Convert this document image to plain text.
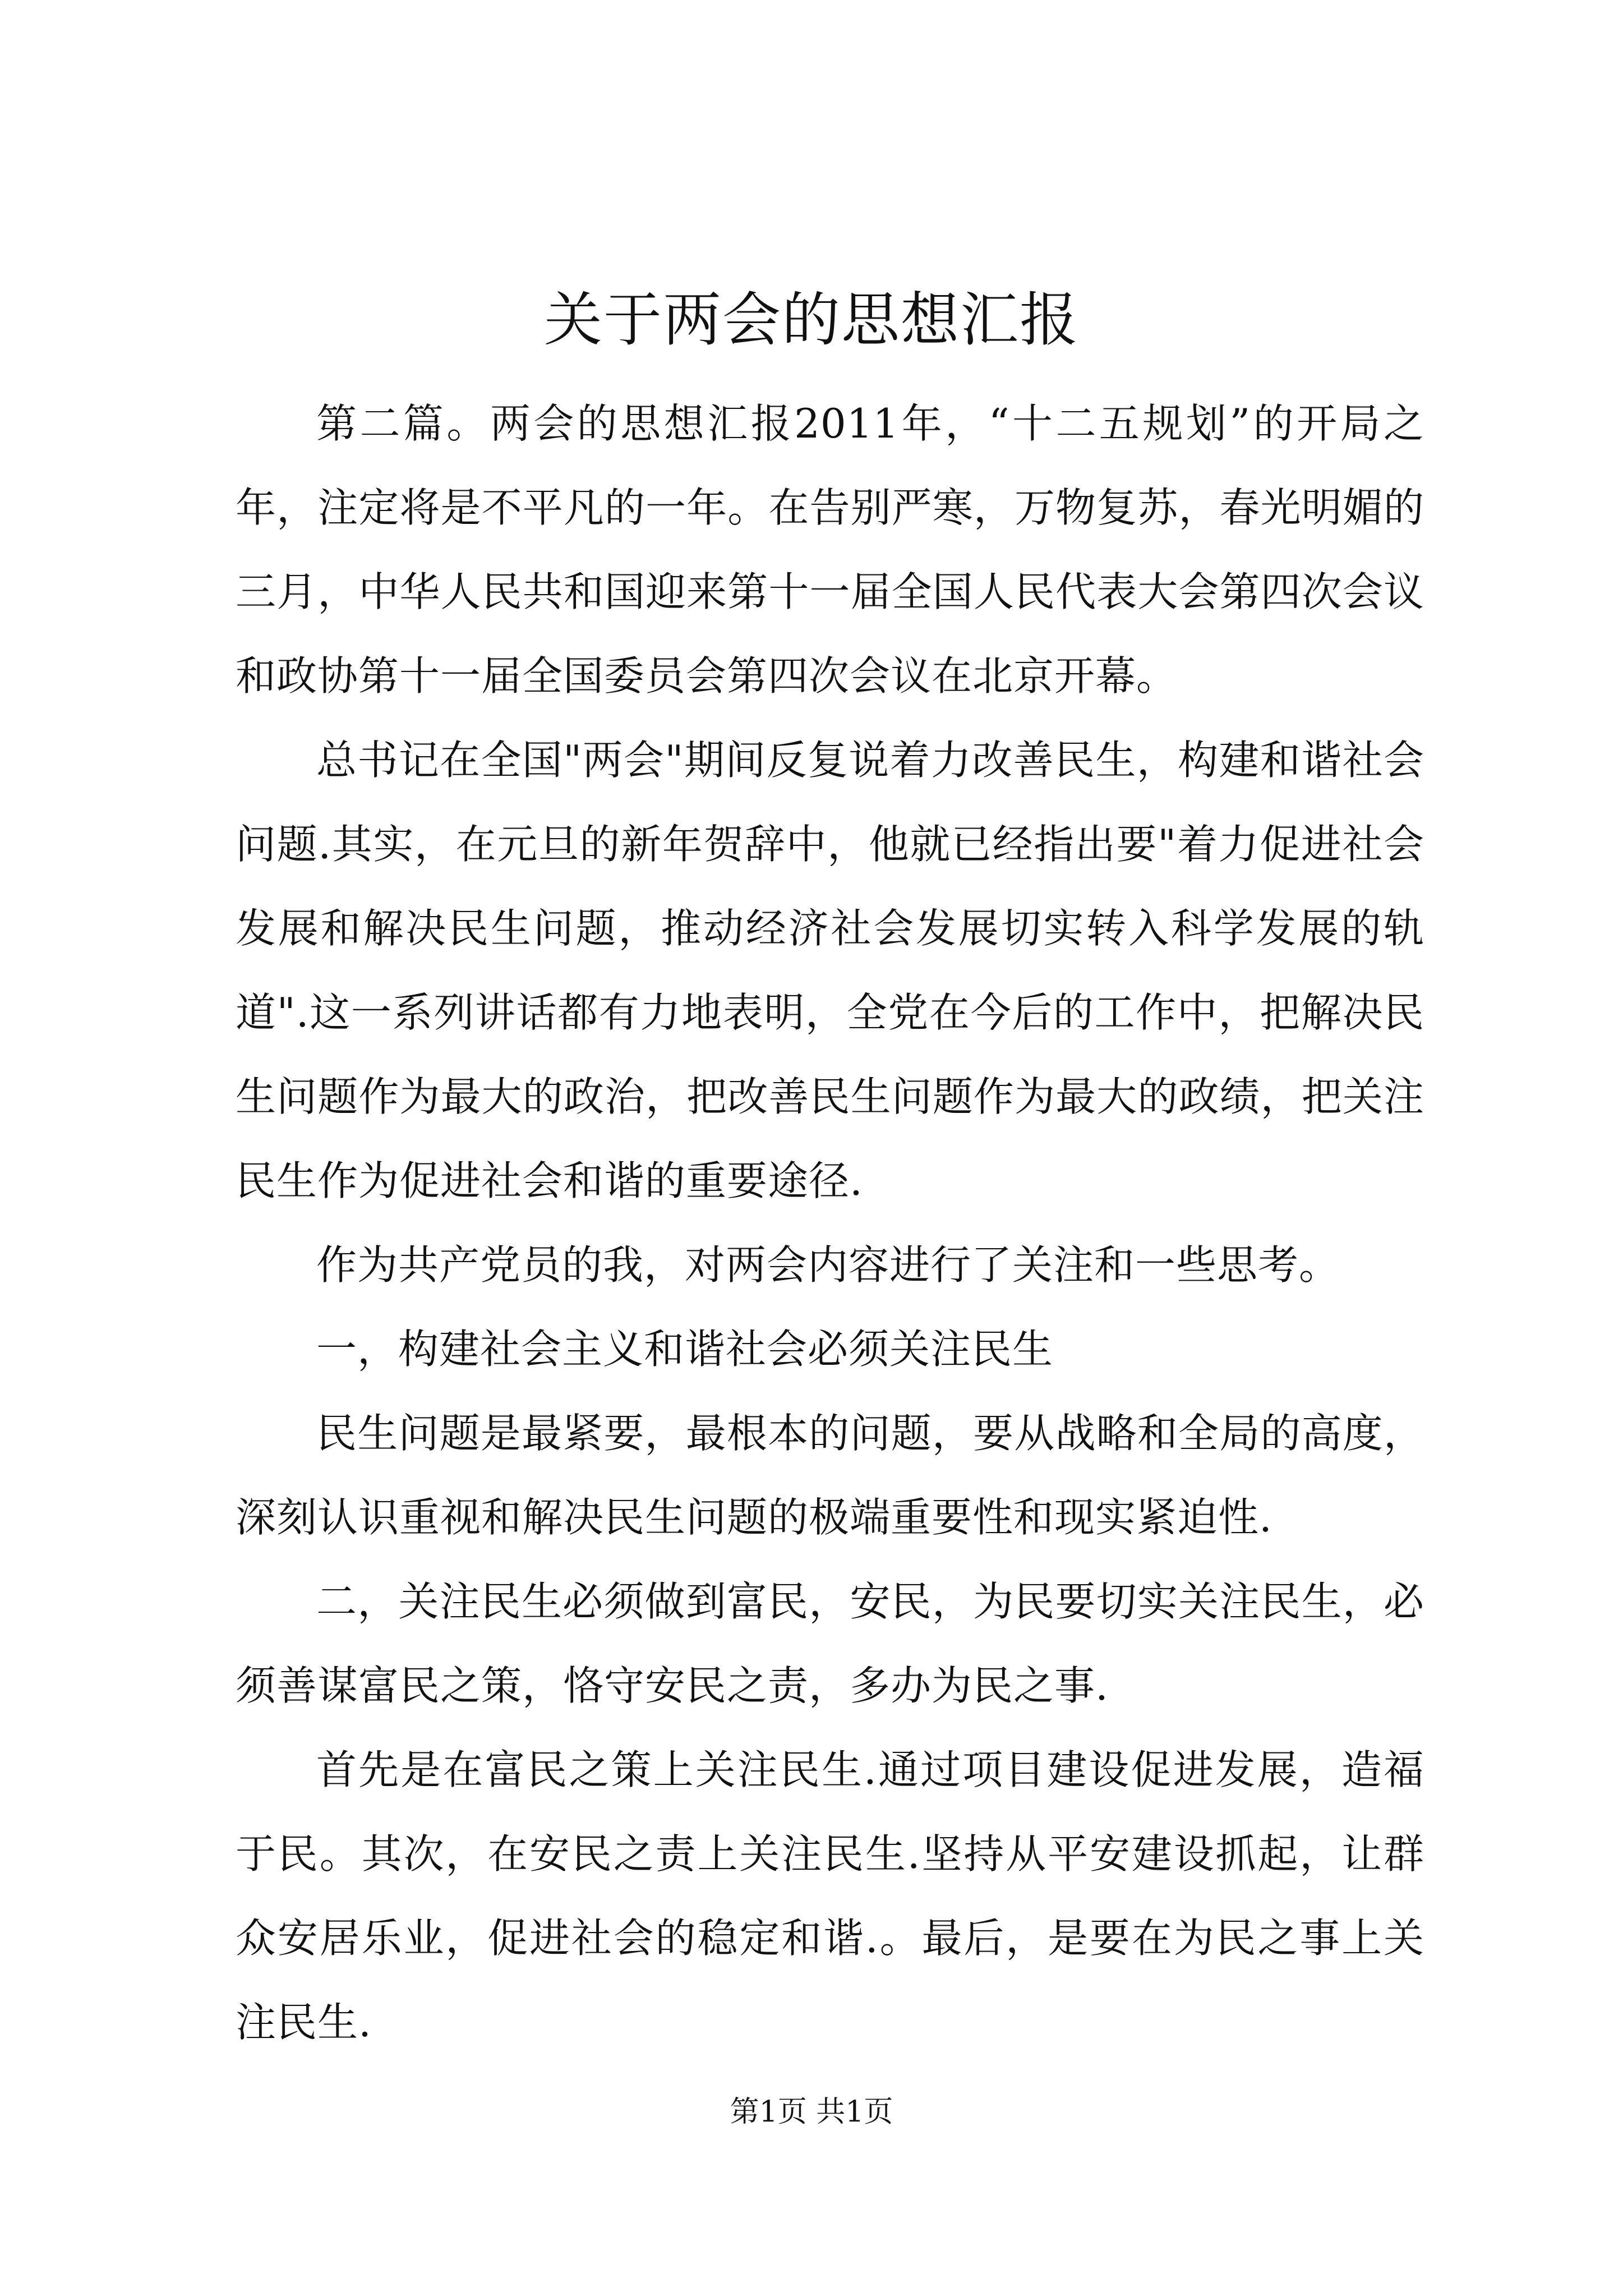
关于两会的思想汇报

第二篇。两会的思想汇报2011年，“十二五规划”的开局之年，注定将是不平凡的一年。在告别严寒，万物复苏，春光明媚的三月，中华人民共和国迎来第十一届全国人民代表大会第四次会议和政协第十一届全国委员会第四次会议在北京开幕。

总书记在全国"两会"期间反复说着力改善民生，构建和谐社会问题.其实，在元旦的新年贺辞中，他就已经指出要"着力促进社会发展和解决民生问题，推动经济社会发展切实转入科学发展的轨道".这一系列讲话都有力地表明，全党在今后的工作中，把解决民生问题作为最大的政治，把改善民生问题作为最大的政绩，把关注民生作为促进社会和谐的重要途径.

作为共产党员的我，对两会内容进行了关注和一些思考。

一，构建社会主义和谐社会必须关注民生

民生问题是最紧要，最根本的问题，要从战略和全局的高度，深刻认识重视和解决民生问题的极端重要性和现实紧迫性.

二，关注民生必须做到富民，安民，为民要切实关注民生，必须善谋富民之策，恪守安民之责，多办为民之事.

首先是在富民之策上关注民生.通过项目建设促进发展，造福于民。其次，在安民之责上关注民生.坚持从平安建设抓起，让群众安居乐业，促进社会的稳定和谐.。最后，是要在为民之事上关注民生.

第1页 共1页
